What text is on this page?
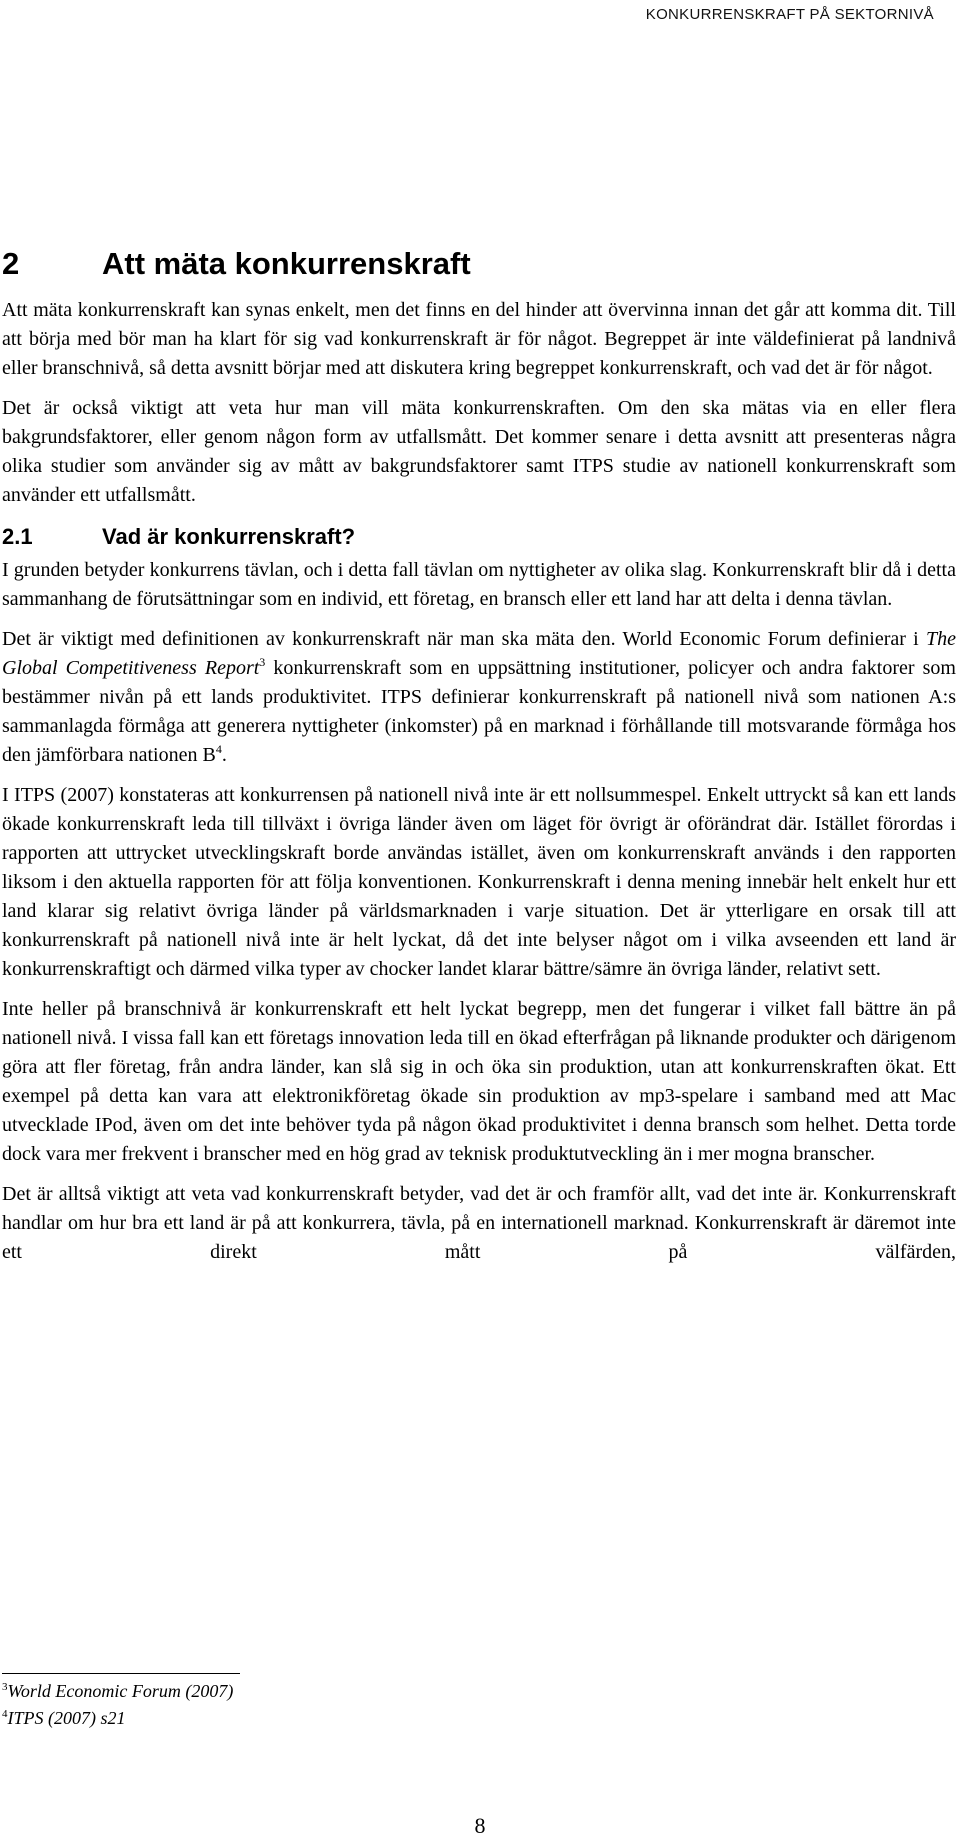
KONKURRENSKRAFT PÅ SEKTORNIVÅ
2	Att mäta konkurrenskraft

Att mäta konkurrenskraft kan synas enkelt, men det finns en del hinder att övervinna innan det går att komma dit. Till att börja med bör man ha klart för sig vad konkurrenskraft är för något. Begreppet är inte väldefinierat på landnivå eller branschnivå, så detta avsnitt börjar med att diskutera kring begreppet konkurrenskraft, och vad det är för något.

Det är också viktigt att veta hur man vill mäta konkurrenskraften. Om den ska mätas via en eller flera bakgrundsfaktorer, eller genom någon form av utfallsmått. Det kommer senare i detta avsnitt att presenteras några olika studier som använder sig av mått av bakgrundsfaktorer samt ITPS studie av nationell konkurrenskraft som använder ett utfallsmått.

2.1	Vad är konkurrenskraft?

I grunden betyder konkurrens tävlan, och i detta fall tävlan om nyttigheter av olika slag. Konkurrenskraft blir då i detta sammanhang de förutsättningar som en individ, ett företag, en bransch eller ett land har att delta i denna tävlan.

Det är viktigt med definitionen av konkurrenskraft när man ska mäta den. World Economic Forum definierar i The Global Competitiveness Report$^3$ konkurrenskraft som en uppsättning institutioner, policyer och andra faktorer som bestämmer nivån på ett lands produktivitet. ITPS definierar konkurrenskraft på nationell nivå som nationen A:s sammanlagda förmåga att generera nyttigheter (inkomster) på en marknad i förhållande till motsvarande förmåga hos den jämförbara nationen $B^4$.

I ITPS (2007) konstateras att konkurrensen på nationell nivå inte är ett nollsummespel. Enkelt uttryckt så kan ett lands ökade konkurrenskraft leda till tillväxt i övriga länder även om läget för övrigt är oförändrat där. Istället förordas i rapporten att uttrycket utvecklingskraft borde användas istället, även om konkurrenskraft används i den rapporten liksom i den aktuella rapporten för att följa konventionen. Konkurrenskraft i denna mening innebär helt enkelt hur ett land klarar sig relativt övriga länder på världsmarknaden i varje situation. Det är ytterligare en orsak till att konkurrenskraft på nationell nivå inte är helt lyckat, då det inte belyser något om i vilka avseenden ett land är konkurrenskraftigt och därmed vilka typer av chocker landet klarar bättre/sämre än övriga länder, relativt sett.

Inte heller på branschnivå är konkurrenskraft ett helt lyckat begrepp, men det fungerar i vilket fall bättre än på nationell nivå. I vissa fall kan ett företags innovation leda till en ökad efterfrågan på liknande produkter och därigenom göra att fler företag, från andra länder, kan slå sig in och öka sin produktion, utan att konkurrenskraften ökat. Ett exempel på detta kan vara att elektronikföretag ökade sin produktion av mp3-spelare i samband med att Mac utvecklade IPod, även om det inte behöver tyda på någon ökad produktivitet i denna bransch som helhet. Detta torde dock vara mer frekvent i branscher med en hög grad av teknisk produktutveckling än i mer mogna branscher.

Det är alltså viktigt att veta vad konkurrenskraft betyder, vad det är och framför allt, vad det inte är. Konkurrenskraft handlar om hur bra ett land är på att konkurrera, tävla, på en internationell marknad. Konkurrenskraft är däremot inte ett direkt mått på välfärden,

$^3$World Economic Forum (2007)
$^4$ITPS (2007) s21
8
